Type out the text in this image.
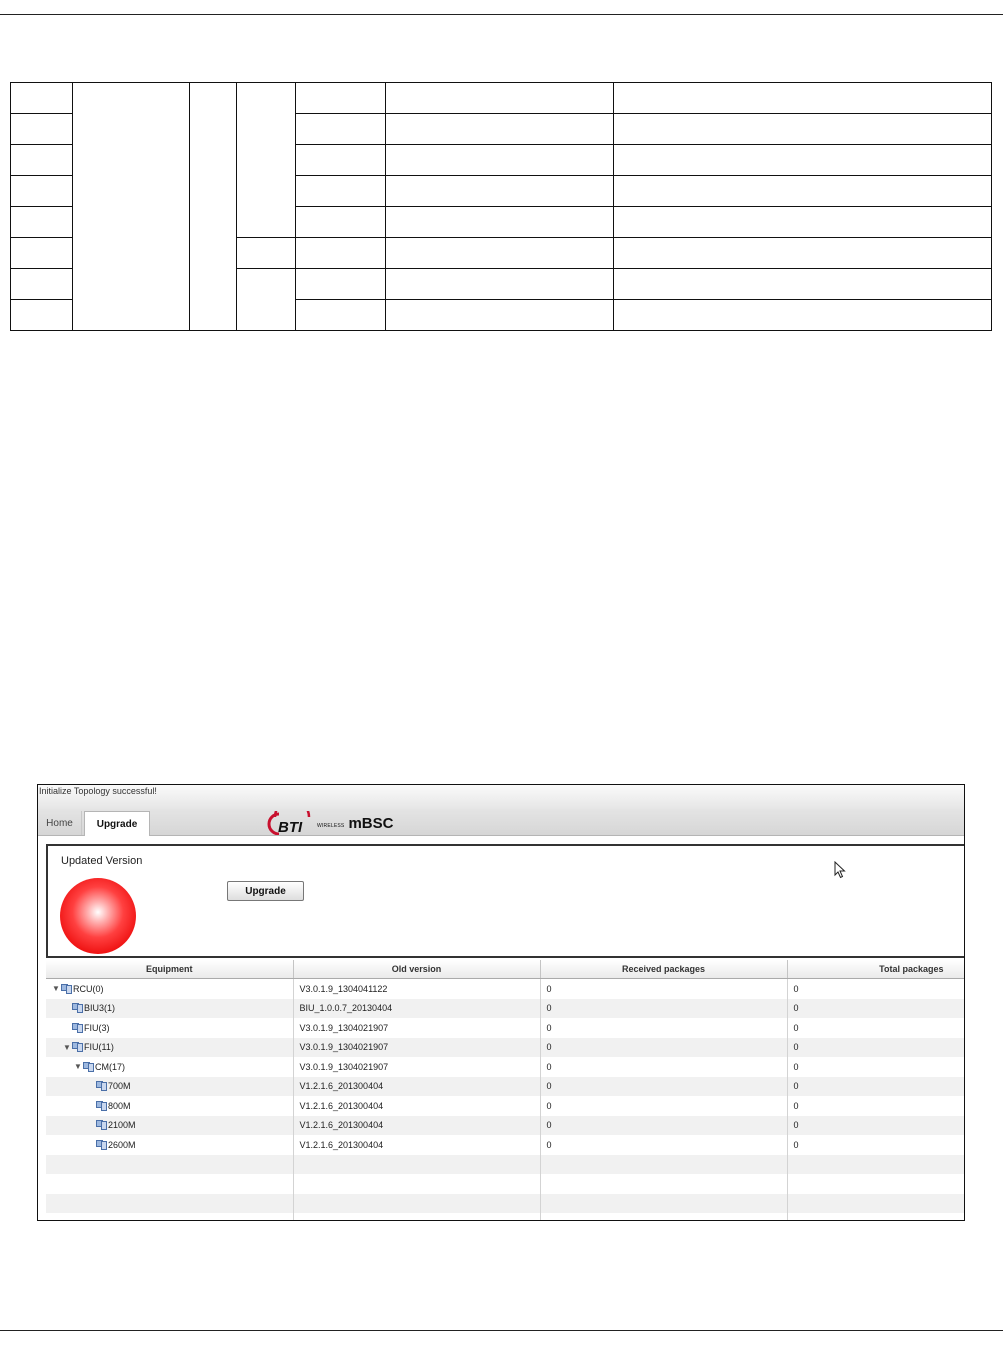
Initialize Topology successful!
Home	Upgrade	BTI	WIRELESS mBSC
Updated Version
Upgrade
Equipment	Old version	Received packages	Total packages

▼ RCU(0)	V3.0.1.9_1304041122	0	0

BIU3(1)	BIU_1.0.0.7_20130404	0	0

FIU(3)	V3.0.1.9_1304021907	0	0

▼ FIU(11)	V3.0.1.9_1304021907	0	0

▼ CM(17)	V3.0.1.9_1304021907	0	0

700M	V1.2.1.6_201300404	0	0

800M	V1.2.1.6_201300404	0	0

2100M	V1.2.1.6_201300404	0	0

2600M	V1.2.1.6_201300404	0	0
